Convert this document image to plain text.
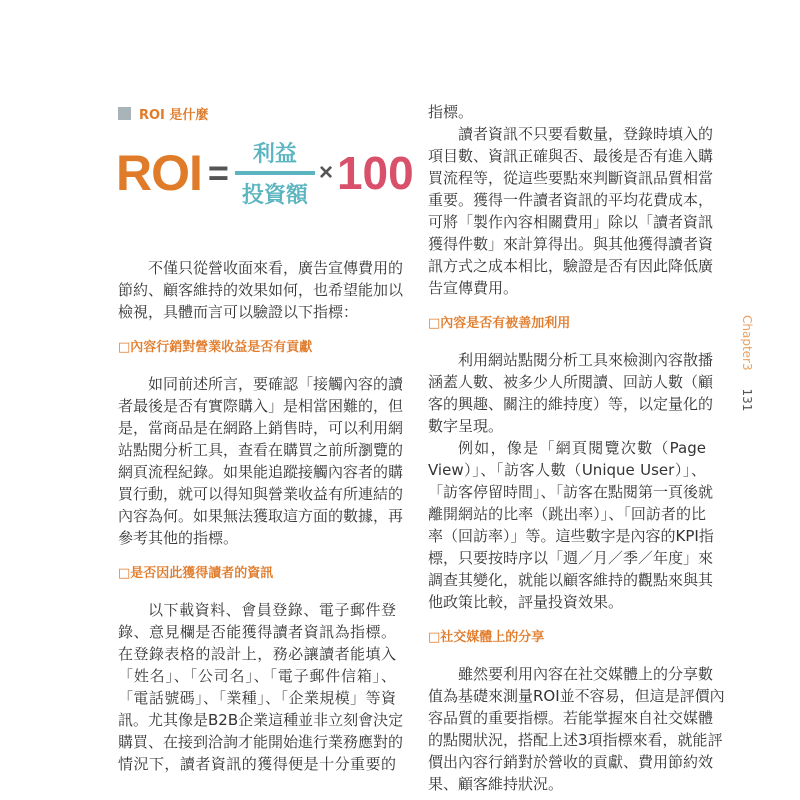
ROI 是什麼
ROI = $\frac{\text{利益}}{\text{投資額}} \times 100$
不僅只從營收面來看，廣告宣傳費用的
節約、顧客維持的效果如何，也希望能加以
檢視，具體而言可以驗證以下指標：
□內容行銷對營業收益是否有貢獻
如同前述所言，要確認「接觸內容的讀
者最後是否有實際購入」是相當困難的，但
是，當商品是在網路上銷售時，可以利用網
站點閱分析工具，查看在購買之前所瀏覽的
網頁流程紀錄。如果能追蹤接觸內容者的購
買行動，就可以得知與營業收益有所連結的
內容為何。如果無法獲取這方面的數據，再
參考其他的指標。
□是否因此獲得讀者的資訊
以下載資料、會員登錄、電子郵件登
錄、意見欄是否能獲得讀者資訊為指標。
在登錄表格的設計上，務必讓讀者能填入
「姓名」、「公司名」、「電子郵件信箱」、
「電話號碼」、「業種」、「企業規模」等資
訊。尤其像是B2B企業這種並非立刻會決定
購買、在接到洽詢才能開始進行業務應對的
情況下，讀者資訊的獲得便是十分重要的
指標。
讀者資訊不只要看數量，登錄時填入的
項目數、資訊正確與否、最後是否有進入購
買流程等，從這些要點來判斷資訊品質相當
重要。獲得一件讀者資訊的平均花費成本，
可將「製作內容相關費用」除以「讀者資訊
獲得件數」來計算得出。與其他獲得讀者資
訊方式之成本相比，驗證是否有因此降低廣
告宣傳費用。
□內容是否有被善加利用
利用網站點閱分析工具來檢測內容散播
涵蓋人數、被多少人所閱讀、回訪人數（顧
客的興趣、關注的維持度）等，以定量化的
數字呈現。
例如，像是「網頁閱覽次數（Page
View）」、「訪客人數（Unique User）」、
「訪客停留時間」、「訪客在點閱第一頁後就
離開網站的比率（跳出率）」、「回訪者的比
率（回訪率）」等。這些數字是內容的KPI指
標，只要按時序以「週／月／季／年度」來
調查其變化，就能以顧客維持的觀點來與其
他政策比較，評量投資效果。
□社交媒體上的分享
雖然要利用內容在社交媒體上的分享數
值為基礎來測量ROI並不容易，但這是評價內
容品質的重要指標。若能掌握來自社交媒體
的點閱狀況，搭配上述3項指標來看，就能評
價出內容行銷對於營收的貢獻、費用節約效
果、顧客維持狀況。
Chapter3 131
